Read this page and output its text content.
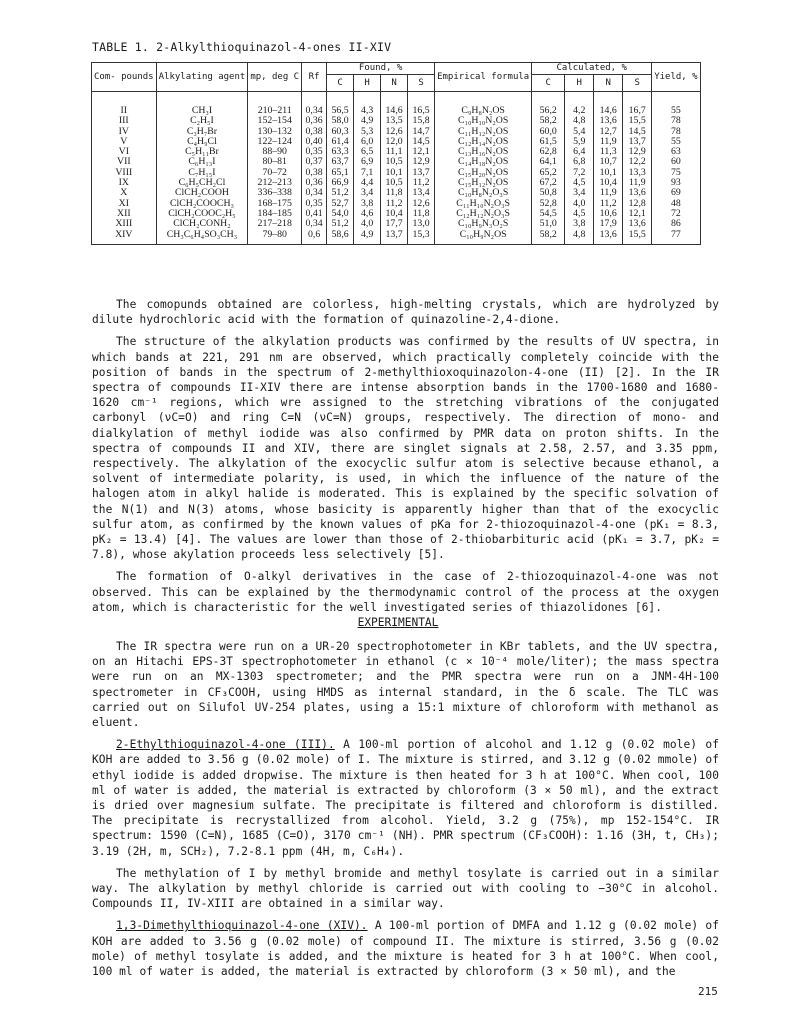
TABLE 1. 2-Alkylthioquinazol-4-ones II-XIV
Com- pounds	Alkylating agent	mp, deg C	Rf	Found, %				Empirical formula	Calculated, %				Yield, %
				C	H	N	S		C	H	N	S	
II	CH₃I	210–211	0,34	56,5	4,3	14,6	16,5	C₉H₈N₂OS	56,2	4,2	14,6	16,7	55
III	C₂H₅I	152–154	0,36	58,0	4,9	13,5	15,8	C₁₀H₁₀N₂OS	58,2	4,8	13,6	15,5	78
IV	C₃H₇Br	130–132	0,38	60,3	5,3	12,6	14,7	C₁₁H₁₂N₂OS	60,0	5,4	12,7	14,5	78
V	C₄H₉Cl	122–124	0,40	61,4	6,0	12,0	14,5	C₁₂H₁₄N₂OS	61,5	5,9	11,9	13,7	55
VI	C₅H₁₁Br	88–90	0,35	63,3	6,5	11,1	12,1	C₁₃H₁₆N₂OS	62,8	6,4	11,3	12,9	63
VII	C₆H₁₃I	80–81	0,37	63,7	6,9	10,5	12,9	C₁₄H₁₈N₂OS	64,1	6,8	10,7	12,2	60
VIII	C₇H₁₅I	70–72	0,38	65,1	7,1	10,1	13,7	C₁₅H₂₀N₂OS	65,2	7,2	10,1	13,3	75
IX	C₆H₅CH₂Cl	212–213	0,36	66,9	4,4	10,5	11,2	C₁₅H₁₂N₂OS	67,2	4,5	10,4	11,9	93
X	ClCH₂COOH	336–338	0,34	51,2	3,4	11,8	13,4	C₁₀H₈N₂O₃S	50,8	3,4	11,9	13,6	69
XI	ClCH₂COOCH₃	168–175	0,35	52,7	3,8	11,2	12,6	C₁₁H₁₀N₂O₃S	52,8	4,0	11,2	12,8	48
XII	ClCH₂COOC₂H₅	184–185	0,41	54,0	4,6	10,4	11,8	C₁₂H₁₂N₂O₃S	54,5	4,5	10,6	12,1	72
XIII	ClCH₂CONH₂	217–218	0,34	51,2	4,0	17,7	13,0	C₁₀H₉N₃O₂S	51,0	3,8	17,9	13,6	86
XIV	CH₃C₆H₄SO₃CH₃	79–80	0,6	58,6	4,9	13,7	15,3	C₁₀H₉N₂OS	58,2	4,8	13,6	15,5	77

The comopunds obtained are colorless, high-melting crystals, which are hydrolyzed by dilute hydrochloric acid with the formation of quinazoline-2,4-dione.

The structure of the alkylation products was confirmed by the results of UV spectra, in which bands at 221, 291 nm are observed, which practically completely coincide with the position of bands in the spectrum of 2-methylthioxoquinazolon-4-one (II) [2]. In the IR spectra of compounds II-XIV there are intense absorption bands in the 1700-1680 and 1680-1620 cm⁻¹ regions, which wre assigned to the stretching vibrations of the conjugated carbonyl (νC=O) and ring C=N (νC=N) groups, respectively. The direction of mono- and dialkylation of methyl iodide was also confirmed by PMR data on proton shifts. In the spectra of compounds II and XIV, there are singlet signals at 2.58, 2.57, and 3.35 ppm, respectively. The alkylation of the exocyclic sulfur atom is selective because ethanol, a solvent of intermediate polarity, is used, in which the influence of the nature of the halogen atom in alkyl halide is moderated. This is explained by the specific solvation of the N(1) and N(3) atoms, whose basicity is apparently higher than that of the exocyclic sulfur atom, as confirmed by the known values of pKa for 2-thiozoquinazol-4-one (pK₁ = 8.3, pK₂ = 13.4) [4]. The values are lower than those of 2-thiobarbituric acid (pK₁ = 3.7, pK₂ = 7.8), whose akylation proceeds less selectively [5].

The formation of O-alkyl derivatives in the case of 2-thiozoquinazol-4-one was not observed. This can be explained by the thermodynamic control of the process at the oxygen atom, which is characteristic for the well investigated series of thiazolidones [6].

EXPERIMENTAL

The IR spectra were run on a UR-20 spectrophotometer in KBr tablets, and the UV spectra, on an Hitachi EPS-3T spectrophotometer in ethanol (c × 10⁻⁴ mole/liter); the mass spectra were run on an MX-1303 spectrometer; and the PMR spectra were run on a JNM-4H-100 spectrometer in CF₃COOH, using HMDS as internal standard, in the δ scale. The TLC was carried out on Silufol UV-254 plates, using a 15:1 mixture of chloroform with methanol as eluent.

2-Ethylthioquinazol-4-one (III). A 100-ml portion of alcohol and 1.12 g (0.02 mole) of KOH are added to 3.56 g (0.02 mole) of I. The mixture is stirred, and 3.12 g (0.02 mmole) of ethyl iodide is added dropwise. The mixture is then heated for 3 h at 100°C. When cool, 100 ml of water is added, the material is extracted by chloroform (3 × 50 ml), and the extract is dried over magnesium sulfate. The precipitate is filtered and chloroform is distilled. The precipitate is recrystallized from alcohol. Yield, 3.2 g (75%), mp 152-154°C. IR spectrum: 1590 (C=N), 1685 (C=O), 3170 cm⁻¹ (NH). PMR spectrum (CF₃COOH): 1.16 (3H, t, CH₃); 3.19 (2H, m, SCH₂), 7.2-8.1 ppm (4H, m, C₆H₄).

The methylation of I by methyl bromide and methyl tosylate is carried out in a similar way. The alkylation by methyl chloride is carried out with cooling to −30°C in alcohol. Compounds II, IV-XIII are obtained in a similar way.

1,3-Dimethylthioquinazol-4-one (XIV). A 100-ml portion of DMFA and 1.12 g (0.02 mole) of KOH are added to 3.56 g (0.02 mole) of compound II. The mixture is stirred, 3.56 g (0.02 mole) of methyl tosylate is added, and the mixture is heated for 3 h at 100°C. When cool, 100 ml of water is added, the material is extracted by chloroform (3 × 50 ml), and the

215
